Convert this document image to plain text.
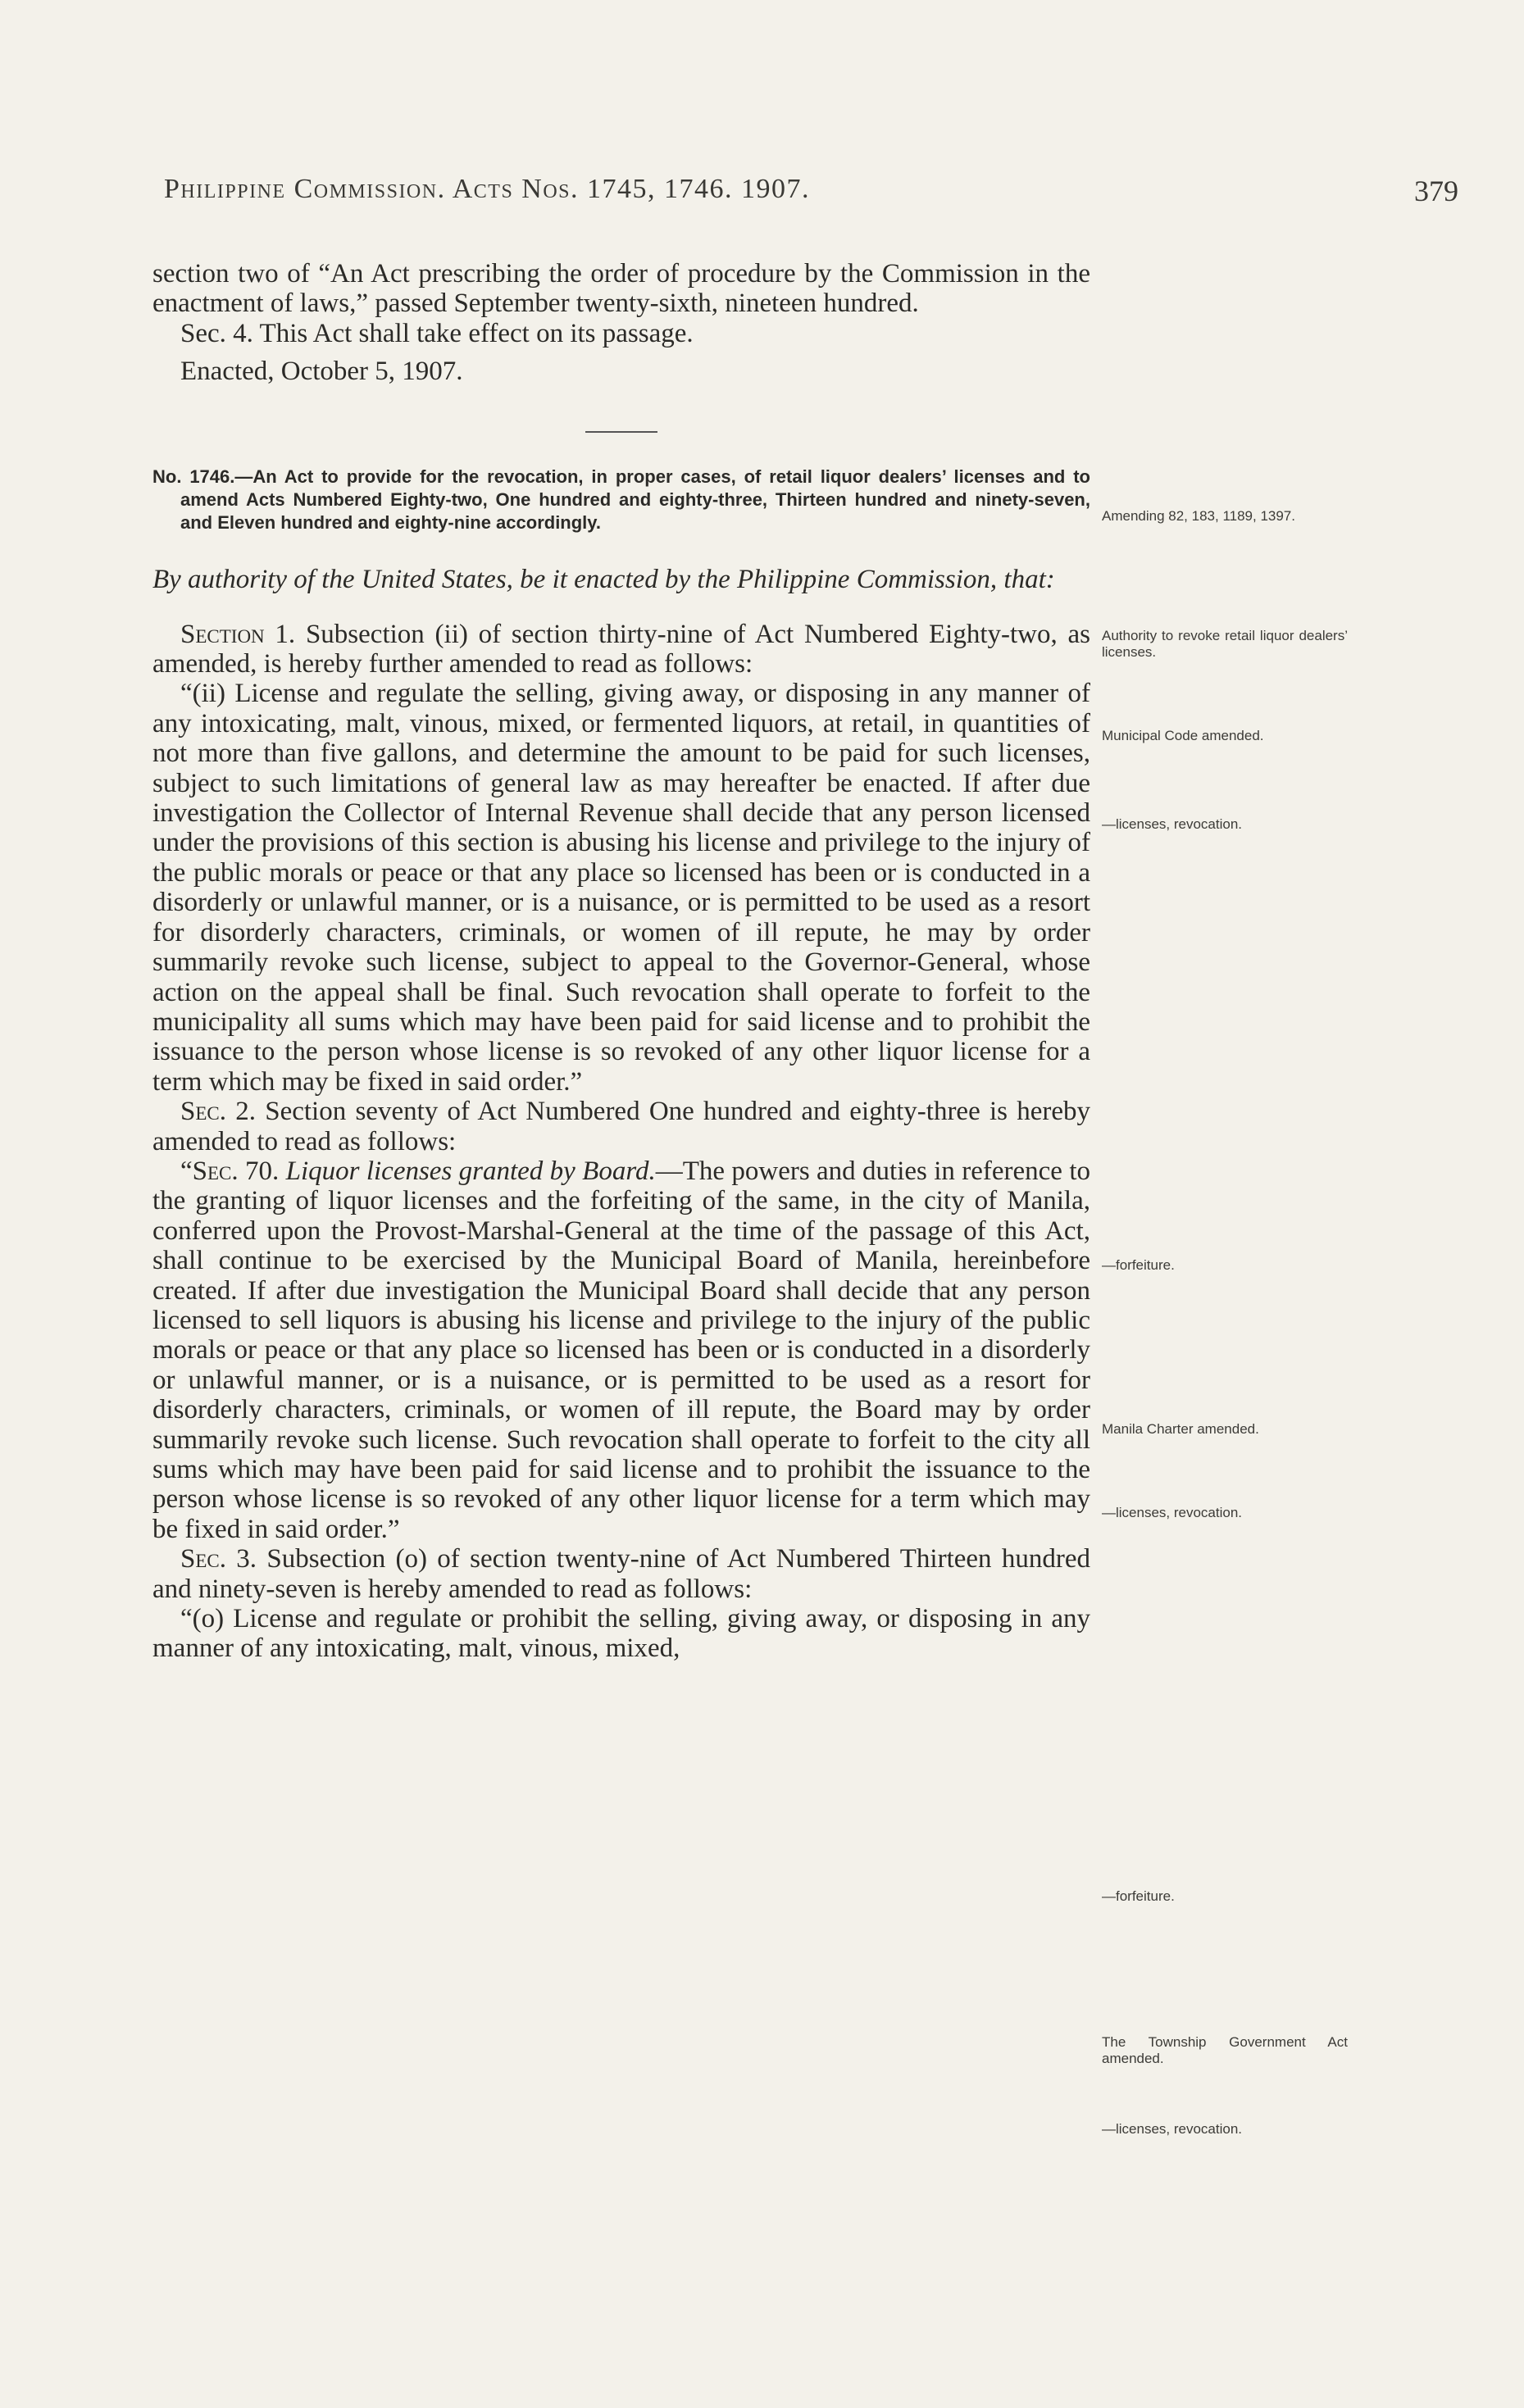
Philippine Commission. Acts Nos. 1745, 1746. 1907.	379

section two of “An Act prescribing the order of procedure by the Commission in the enactment of laws,” passed September twenty-sixth, nineteen hundred.

Sec. 4. This Act shall take effect on its passage.

Enacted, October 5, 1907.

No. 1746.—An Act to provide for the revocation, in proper cases, of retail liquor dealers’ licenses and to amend Acts Numbered Eighty-two, One hundred and eighty-three, Thirteen hundred and ninety-seven, and Eleven hundred and eighty-nine accordingly.

By authority of the United States, be it enacted by the Philippine Commission, that:

Section 1. Subsection (ii) of section thirty-nine of Act Numbered Eighty-two, as amended, is hereby further amended to read as follows:

“(ii) License and regulate the selling, giving away, or disposing in any manner of any intoxicating, malt, vinous, mixed, or fermented liquors, at retail, in quantities of not more than five gallons, and determine the amount to be paid for such licenses, subject to such limitations of general law as may hereafter be enacted. If after due investigation the Collector of Internal Revenue shall decide that any person licensed under the provisions of this section is abusing his license and privilege to the injury of the public morals or peace or that any place so licensed has been or is conducted in a disorderly or unlawful manner, or is a nuisance, or is permitted to be used as a resort for disorderly characters, criminals, or women of ill repute, he may by order summarily revoke such license, subject to appeal to the Governor-General, whose action on the appeal shall be final. Such revocation shall operate to forfeit to the municipality all sums which may have been paid for said license and to prohibit the issuance to the person whose license is so revoked of any other liquor license for a term which may be fixed in said order.”

Sec. 2. Section seventy of Act Numbered One hundred and eighty-three is hereby amended to read as follows:

“Sec. 70. Liquor licenses granted by Board.—The powers and duties in reference to the granting of liquor licenses and the forfeiting of the same, in the city of Manila, conferred upon the Provost-Marshal-General at the time of the passage of this Act, shall continue to be exercised by the Municipal Board of Manila, hereinbefore created. If after due investigation the Municipal Board shall decide that any person licensed to sell liquors is abusing his license and privilege to the injury of the public morals or peace or that any place so licensed has been or is conducted in a disorderly or unlawful manner, or is a nuisance, or is permitted to be used as a resort for disorderly characters, criminals, or women of ill repute, the Board may by order summarily revoke such license. Such revocation shall operate to forfeit to the city all sums which may have been paid for said license and to prohibit the issuance to the person whose license is so revoked of any other liquor license for a term which may be fixed in said order.”

Sec. 3. Subsection (o) of section twenty-nine of Act Numbered Thirteen hundred and ninety-seven is hereby amended to read as follows:

“(o) License and regulate or prohibit the selling, giving away, or disposing in any manner of any intoxicating, malt, vinous, mixed,

Amending 82, 183, 1189, 1397.
Authority to revoke retail liquor dealers’ licenses.
Municipal Code amended.
—licenses, revocation.
—forfeiture.
Manila Charter amended.
—licenses, revocation.
—forfeiture.
The Township Government Act amended.
—licenses, revocation.
